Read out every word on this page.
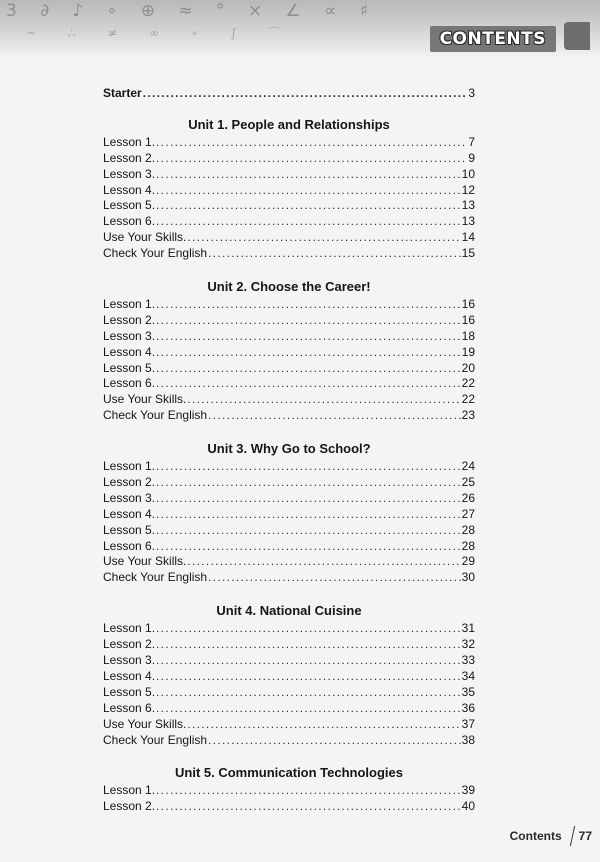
3 ∂ ♪ ∘ ⊕ ≈ ° × ∠ ∝ ♯
~ ∴ ≠ ∞ ∘ ∫ ⌒	CONTENTS
Starter .....	3
Unit 1. People and Relationships
Lesson 1. .....	7
Lesson 2. .....	9
Lesson 3. .....	10
Lesson 4. .....	12
Lesson 5. .....	13
Lesson 6. .....	13
Use Your Skills. .....	14
Check Your English .....	15
Unit 2. Choose the Career!
Lesson 1. .....	16
Lesson 2. .....	16
Lesson 3. .....	18
Lesson 4. .....	19
Lesson 5. .....	20
Lesson 6. .....	22
Use Your Skills. .....	22
Check Your English .....	23
Unit 3. Why Go to School?
Lesson 1. .....	24
Lesson 2. .....	25
Lesson 3. .....	26
Lesson 4. .....	27
Lesson 5. .....	28
Lesson 6. .....	28
Use Your Skills. .....	29
Check Your English .....	30
Unit 4. National Cuisine
Lesson 1. .....	31
Lesson 2. .....	32
Lesson 3. .....	33
Lesson 4. .....	34
Lesson 5. .....	35
Lesson 6. .....	36
Use Your Skills. .....	37
Check Your English .....	38
Unit 5. Communication Technologies
Lesson 1. .....	39
Lesson 2. .....	40
Contents 77
